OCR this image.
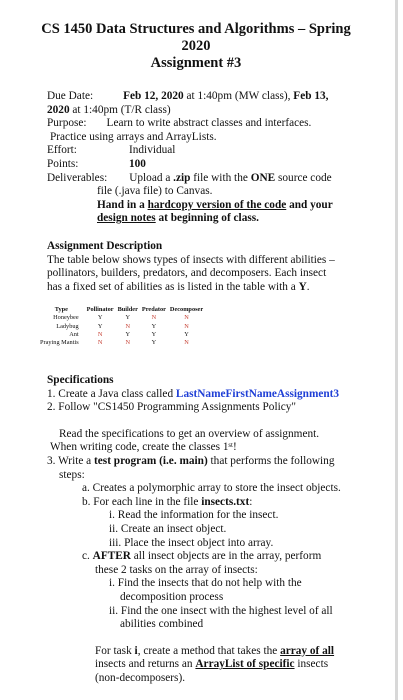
CS 1450 Data Structures and Algorithms – Spring
2020
Assignment #3
Due Date:	Feb 12, 2020 at 1:40pm (MW class), Feb 13,
2020 at 1:40pm (T/R class)
Purpose: Learn to write abstract classes and interfaces.
Practice using arrays and ArrayLists.
Effort:	Individual
Points:	100
Deliverables: Upload a .zip file with the ONE source code
file (.java file) to Canvas.
Hand in a hardcopy version of the code and your
design notes at beginning of class.
Assignment Description
The table below shows types of insects with different abilities –
pollinators, builders, predators, and decomposers. Each insect
has a fixed set of abilities as is listed in the table with a Y.
Type	Pollinator	Builder	Predator	Decomposer
Honeybee	Y	Y	N	N
Ladybug	Y	N	Y	N
Ant	N	Y	Y	Y
Praying Mantis	N	N	Y	N
Specifications
1. Create a Java class called LastNameFirstNameAssignment3
2. Follow "CS1450 Programming Assignments Policy"
Read the specifications to get an overview of assignment.
When writing code, create the classes 1ˢᵗ!
3. Write a test program (i.e. main) that performs the following
steps:
a. Creates a polymorphic array to store the insect objects.
b. For each line in the file insects.txt:
i. Read the information for the insect.
ii. Create an insect object.
iii. Place the insect object into array.
c. AFTER all insect objects are in the array, perform
these 2 tasks on the array of insects:
i. Find the insects that do not help with the
decomposition process
ii. Find the one insect with the highest level of all
abilities combined
For task i, create a method that takes the array of all
insects and returns an ArrayList of specific insects
(non-decomposers).
